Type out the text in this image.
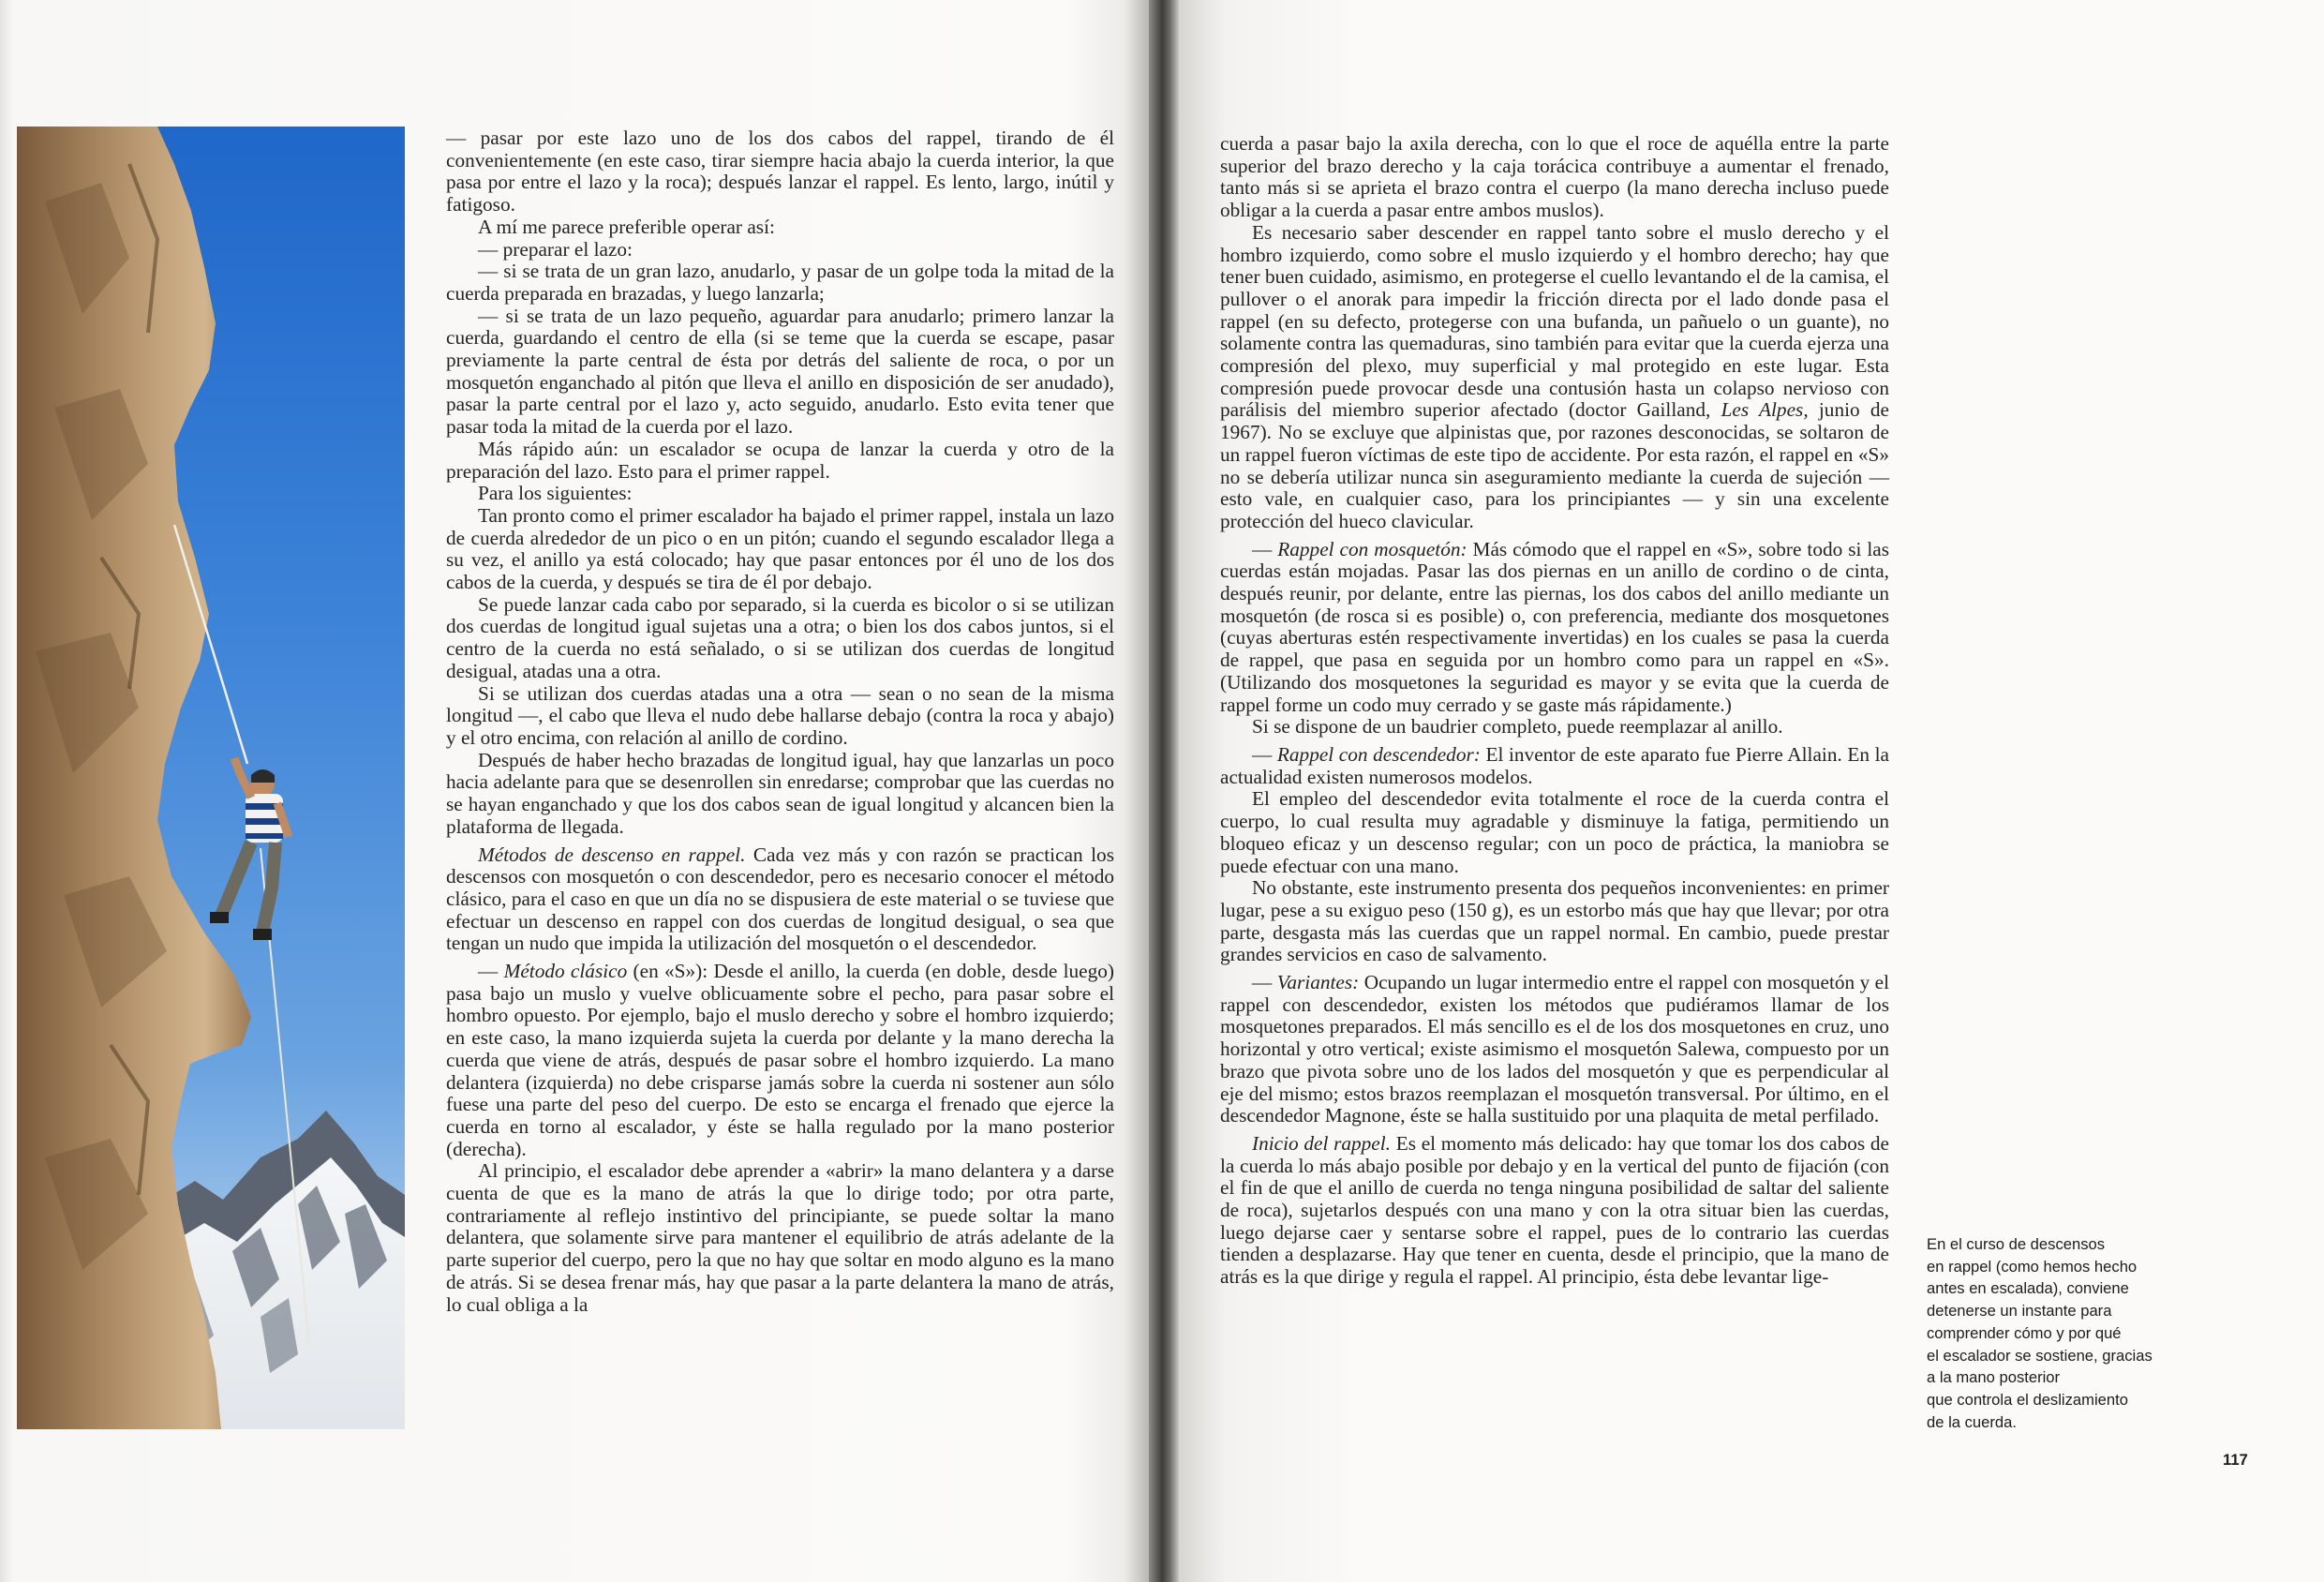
— pasar por este lazo uno de los dos cabos del rappel, tirando de él convenientemente (en este caso, tirar siempre hacia abajo la cuerda interior, la que pasa por entre el lazo y la roca); después lanzar el rappel. Es lento, largo, inútil y fatigoso.

A mí me parece preferible operar así:

— preparar el lazo:

— si se trata de un gran lazo, anudarlo, y pasar de un golpe toda la mitad de la cuerda preparada en brazadas, y luego lanzarla;

— si se trata de un lazo pequeño, aguardar para anudarlo; primero lanzar la cuerda, guardando el centro de ella (si se teme que la cuerda se escape, pasar previamente la parte central de ésta por detrás del saliente de roca, o por un mosquetón enganchado al pitón que lleva el anillo en disposición de ser anudado), pasar la parte central por el lazo y, acto seguido, anudarlo. Esto evita tener que pasar toda la mitad de la cuerda por el lazo.

Más rápido aún: un escalador se ocupa de lanzar la cuerda y otro de la preparación del lazo. Esto para el primer rappel.

Para los siguientes:

Tan pronto como el primer escalador ha bajado el primer rappel, instala un lazo de cuerda alrededor de un pico o en un pitón; cuando el segundo escalador llega a su vez, el anillo ya está colocado; hay que pasar entonces por él uno de los dos cabos de la cuerda, y después se tira de él por debajo.

Se puede lanzar cada cabo por separado, si la cuerda es bicolor o si se utilizan dos cuerdas de longitud igual sujetas una a otra; o bien los dos cabos juntos, si el centro de la cuerda no está señalado, o si se utilizan dos cuerdas de longitud desigual, atadas una a otra.

Si se utilizan dos cuerdas atadas una a otra — sean o no sean de la misma longitud —, el cabo que lleva el nudo debe hallarse debajo (contra la roca y abajo) y el otro encima, con relación al anillo de cordino.

Después de haber hecho brazadas de longitud igual, hay que lanzarlas un poco hacia adelante para que se desenrollen sin enredarse; comprobar que las cuerdas no se hayan enganchado y que los dos cabos sean de igual longitud y alcancen bien la plataforma de llegada.

Métodos de descenso en rappel. Cada vez más y con razón se practican los descensos con mosquetón o con descendedor, pero es necesario conocer el método clásico, para el caso en que un día no se dispusiera de este material o se tuviese que efectuar un descenso en rappel con dos cuerdas de longitud desigual, o sea que tengan un nudo que impida la utilización del mosquetón o el descendedor.

— Método clásico (en «S»): Desde el anillo, la cuerda (en doble, desde luego) pasa bajo un muslo y vuelve oblicuamente sobre el pecho, para pasar sobre el hombro opuesto. Por ejemplo, bajo el muslo derecho y sobre el hombro izquierdo; en este caso, la mano izquierda sujeta la cuerda por delante y la mano derecha la cuerda que viene de atrás, después de pasar sobre el hombro izquierdo. La mano delantera (izquierda) no debe crisparse jamás sobre la cuerda ni sostener aun sólo fuese una parte del peso del cuerpo. De esto se encarga el frenado que ejerce la cuerda en torno al escalador, y éste se halla regulado por la mano posterior (derecha).

Al principio, el escalador debe aprender a «abrir» la mano delantera y a darse cuenta de que es la mano de atrás la que lo dirige todo; por otra parte, contrariamente al reflejo instintivo del principiante, se puede soltar la mano delantera, que solamente sirve para mantener el equilibrio de atrás adelante de la parte superior del cuerpo, pero la que no hay que soltar en modo alguno es la mano de atrás. Si se desea frenar más, hay que pasar a la parte delantera la mano de atrás, lo cual obliga a la

cuerda a pasar bajo la axila derecha, con lo que el roce de aquélla entre la parte superior del brazo derecho y la caja torácica contribuye a aumentar el frenado, tanto más si se aprieta el brazo contra el cuerpo (la mano derecha incluso puede obligar a la cuerda a pasar entre ambos muslos).

Es necesario saber descender en rappel tanto sobre el muslo derecho y el hombro izquierdo, como sobre el muslo izquierdo y el hombro derecho; hay que tener buen cuidado, asimismo, en protegerse el cuello levantando el de la camisa, el pullover o el anorak para impedir la fricción directa por el lado donde pasa el rappel (en su defecto, protegerse con una bufanda, un pañuelo o un guante), no solamente contra las quemaduras, sino también para evitar que la cuerda ejerza una compresión del plexo, muy superficial y mal protegido en este lugar. Esta compresión puede provocar desde una contusión hasta un colapso nervioso con parálisis del miembro superior afectado (doctor Gailland, Les Alpes, junio de 1967). No se excluye que alpinistas que, por razones desconocidas, se soltaron de un rappel fueron víctimas de este tipo de accidente. Por esta razón, el rappel en «S» no se debería utilizar nunca sin aseguramiento mediante la cuerda de sujeción — esto vale, en cualquier caso, para los principiantes — y sin una excelente protección del hueco clavicular.

— Rappel con mosquetón: Más cómodo que el rappel en «S», sobre todo si las cuerdas están mojadas. Pasar las dos piernas en un anillo de cordino o de cinta, después reunir, por delante, entre las piernas, los dos cabos del anillo mediante un mosquetón (de rosca si es posible) o, con preferencia, mediante dos mosquetones (cuyas aberturas estén respectivamente invertidas) en los cuales se pasa la cuerda de rappel, que pasa en seguida por un hombro como para un rappel en «S». (Utilizando dos mosquetones la seguridad es mayor y se evita que la cuerda de rappel forme un codo muy cerrado y se gaste más rápidamente.)

Si se dispone de un baudrier completo, puede reemplazar al anillo.

— Rappel con descendedor: El inventor de este aparato fue Pierre Allain. En la actualidad existen numerosos modelos.

El empleo del descendedor evita totalmente el roce de la cuerda contra el cuerpo, lo cual resulta muy agradable y disminuye la fatiga, permitiendo un bloqueo eficaz y un descenso regular; con un poco de práctica, la maniobra se puede efectuar con una mano.

No obstante, este instrumento presenta dos pequeños inconvenientes: en primer lugar, pese a su exiguo peso (150 g), es un estorbo más que hay que llevar; por otra parte, desgasta más las cuerdas que un rappel normal. En cambio, puede prestar grandes servicios en caso de salvamento.

— Variantes: Ocupando un lugar intermedio entre el rappel con mosquetón y el rappel con descendedor, existen los métodos que pudiéramos llamar de los mosquetones preparados. El más sencillo es el de los dos mosquetones en cruz, uno horizontal y otro vertical; existe asimismo el mosquetón Salewa, compuesto por un brazo que pivota sobre uno de los lados del mosquetón y que es perpendicular al eje del mismo; estos brazos reemplazan el mosquetón transversal. Por último, en el descendedor Magnone, éste se halla sustituido por una plaquita de metal perfilado.

Inicio del rappel. Es el momento más delicado: hay que tomar los dos cabos de la cuerda lo más abajo posible por debajo y en la vertical del punto de fijación (con el fin de que el anillo de cuerda no tenga ninguna posibilidad de saltar del saliente de roca), sujetarlos después con una mano y con la otra situar bien las cuerdas, luego dejarse caer y sentarse sobre el rappel, pues de lo contrario las cuerdas tienden a desplazarse. Hay que tener en cuenta, desde el principio, que la mano de atrás es la que dirige y regula el rappel. Al principio, ésta debe levantar lige-

En el curso de descensos
en rappel (como hemos hecho
antes en escalada), conviene
detenerse un instante para
comprender cómo y por qué
el escalador se sostiene, gracias
a la mano posterior
que controla el deslizamiento
de la cuerda.
117
